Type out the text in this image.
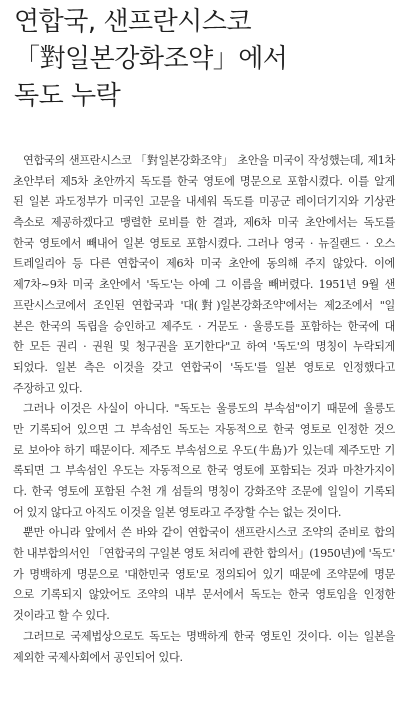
연합국, 샌프란시스코
「對일본강화조약」에서
독도 누락
연합국의 샌프란시스코 「對일본강화조약」 초안을 미국이 작성했는데, 제1차
초안부터 제5차 초안까지 독도를 한국 영토에 명문으로 포함시켰다. 이를 알게
된 일본 과도정부가 미국인 고문을 내세워 독도를 미공군 레이더기지와 기상관
측소로 제공하겠다고 맹렬한 로비를 한 결과, 제6차 미국 초안에서는 독도를
한국 영토에서 빼내어 일본 영토로 포함시켰다. 그러나 영국 · 뉴질랜드 · 오스
트레일리아 등 다른 연합국이 제6차 미국 초안에 동의해 주지 않았다. 이에
제7차~9차 미국 초안에서 '독도'는 아예 그 이름을 빼버렸다. 1951년 9월 샌
프란시스코에서 조인된 연합국과 '대(對)일본강화조약'에서는 제2조에서 "일
본은 한국의 독립을 승인하고 제주도 · 거문도 · 울릉도를 포함하는 한국에 대
한 모든 권리 · 권원 및 청구권을 포기한다"고 하여 '독도'의 명칭이 누락되게
되었다. 일본 측은 이것을 갖고 연합국이 '독도'를 일본 영토로 인정했다고
주장하고 있다.
그러나 이것은 사실이 아니다. "독도는 울릉도의 부속섬"이기 때문에 울릉도
만 기록되어 있으면 그 부속섬인 독도는 자동적으로 한국 영토로 인정한 것으
로 보아야 하기 때문이다. 제주도 부속섬으로 우도(牛島)가 있는데 제주도만 기
록되면 그 부속섬인 우도는 자동적으로 한국 영토에 포함되는 것과 마찬가지이
다. 한국 영토에 포함된 수천 개 섬들의 명칭이 강화조약 조문에 일일이 기록되
어 있지 않다고 아직도 이것을 일본 영토라고 주장할 수는 없는 것이다.
뿐만 아니라 앞에서 쓴 바와 같이 연합국이 샌프란시스코 조약의 준비로 합의
한 내부합의서인 「연합국의 구일본 영토 처리에 관한 합의서」(1950년)에 '독도'
가 명백하게 명문으로 '대한민국 영토'로 정의되어 있기 때문에 조약문에 명문
으로 기록되지 않았어도 조약의 내부 문서에서 독도는 한국 영토임을 인정한
것이라고 할 수 있다.
그러므로 국제법상으로도 독도는 명백하게 한국 영토인 것이다. 이는 일본을
제외한 국제사회에서 공인되어 있다.
